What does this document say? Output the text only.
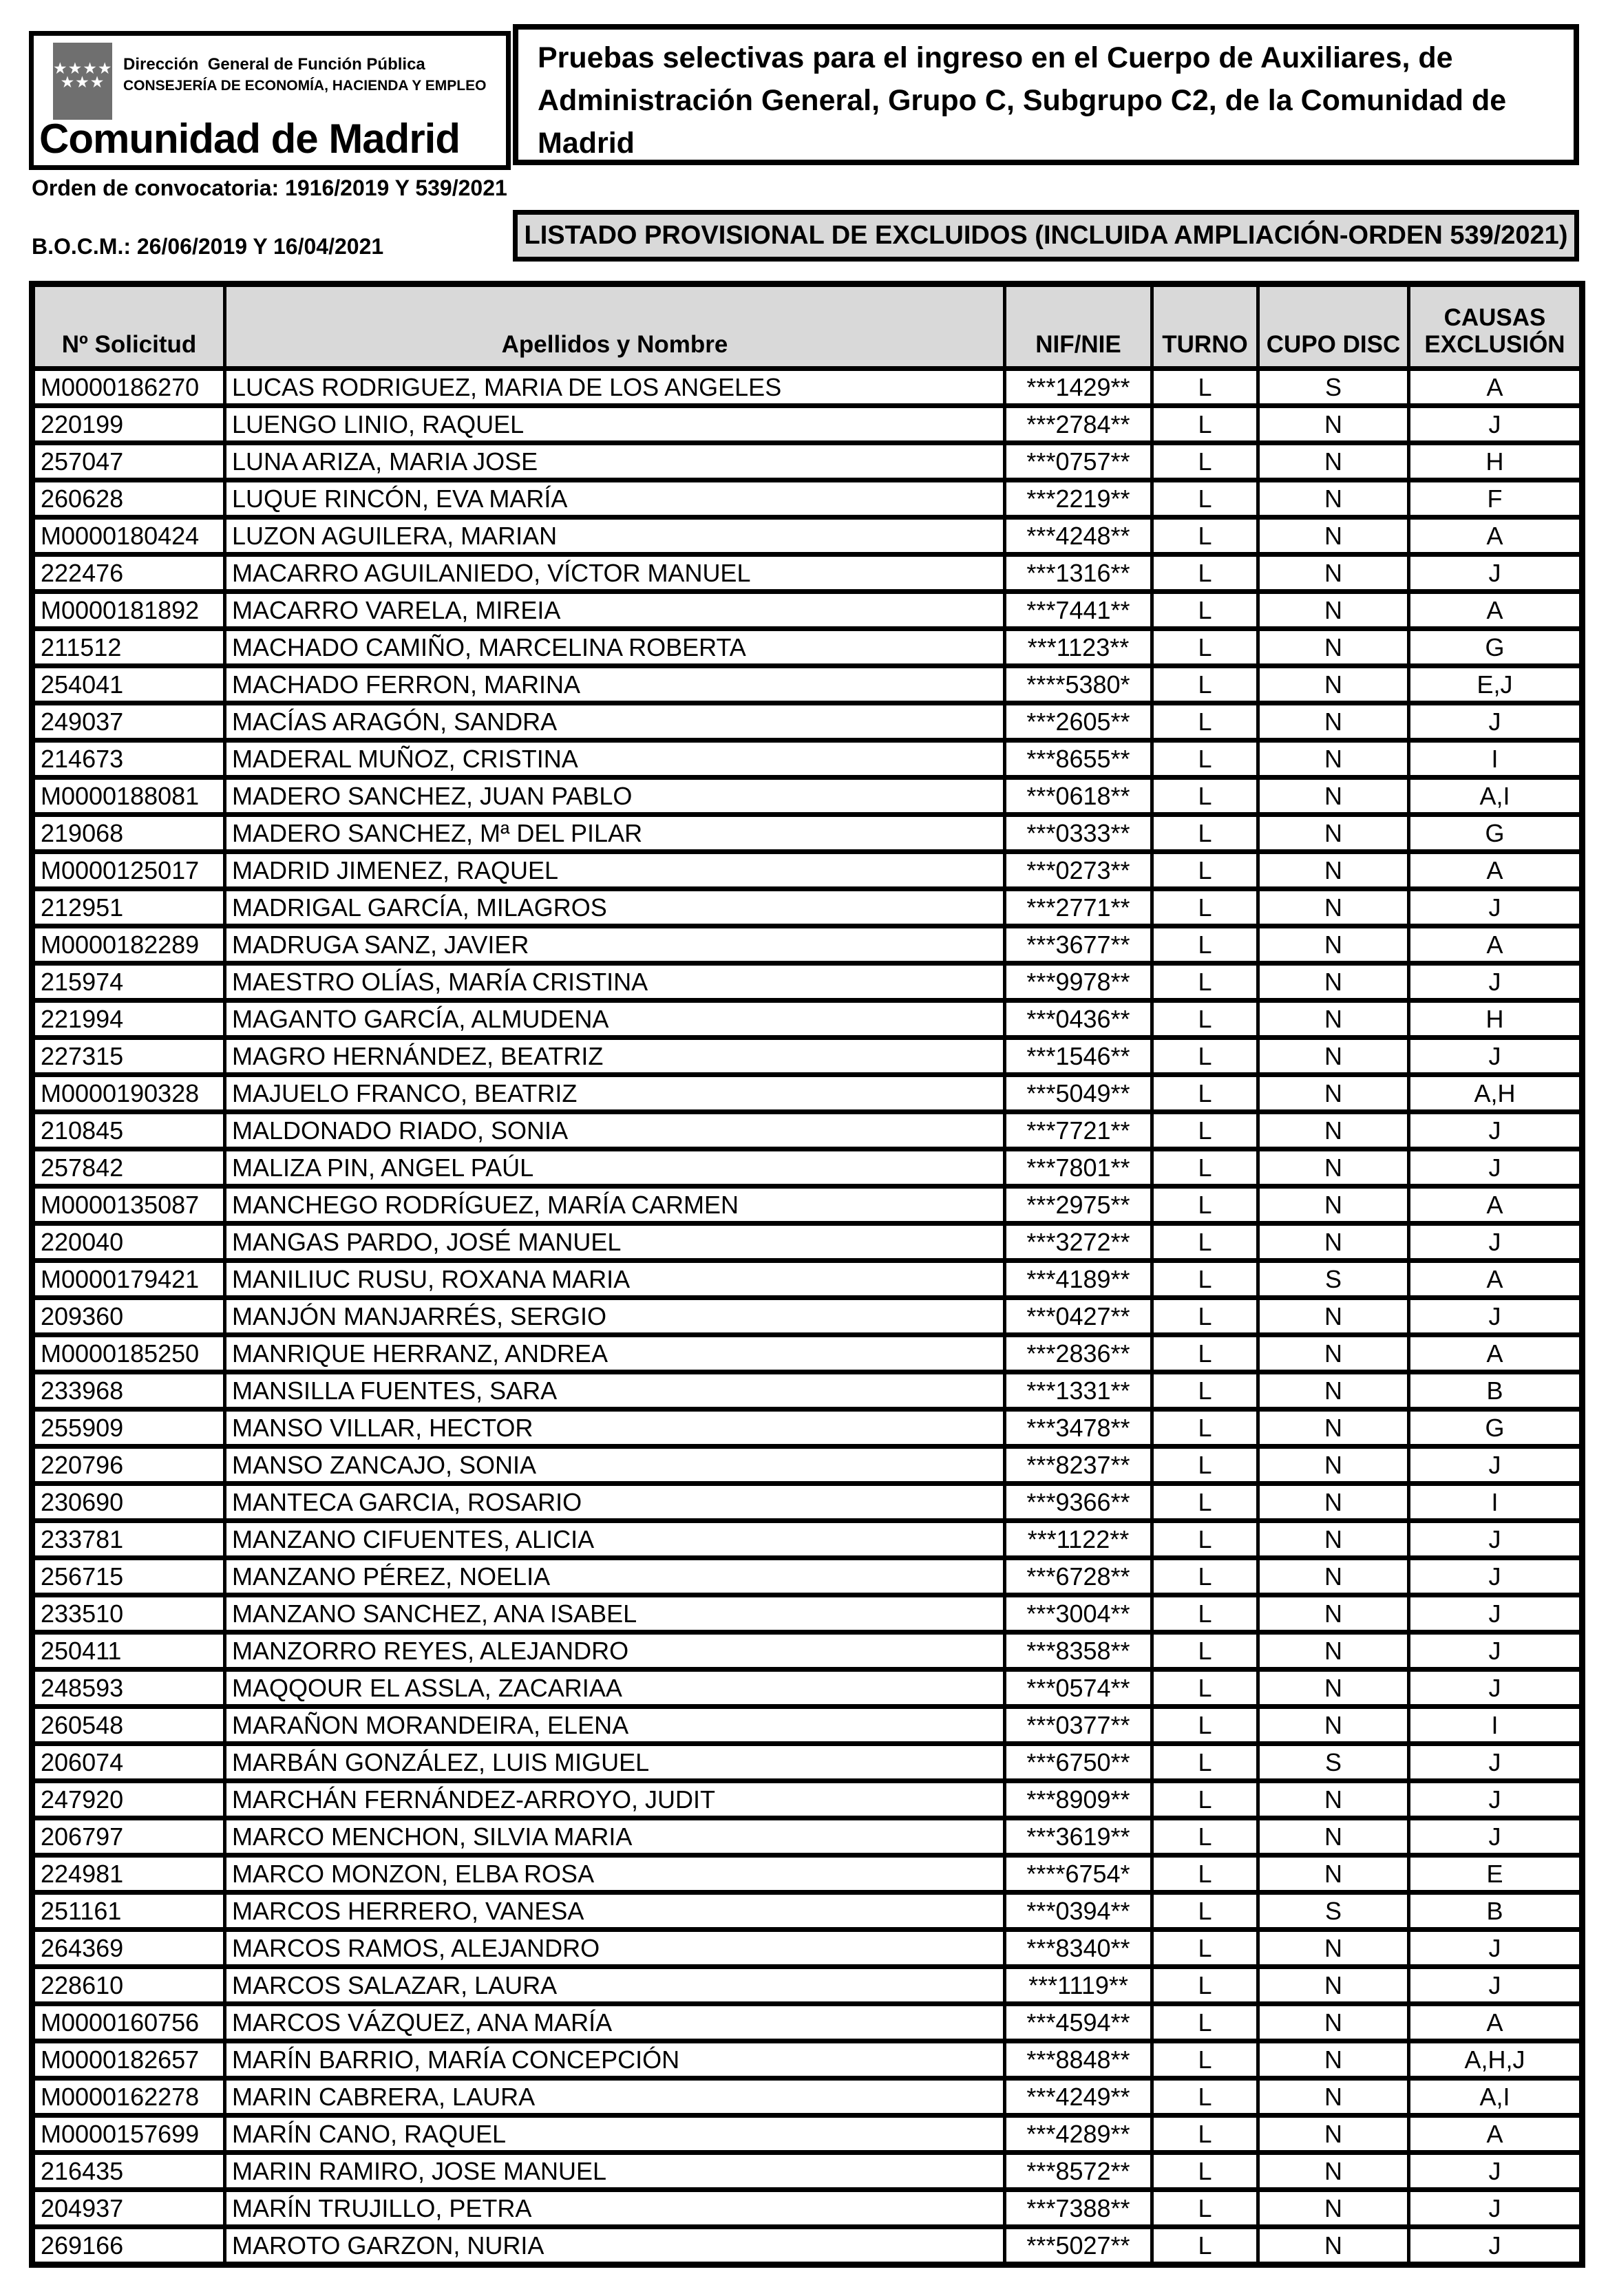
★★★★
★★★
Dirección  General de Función Pública
CONSEJERÍA DE ECONOMÍA, HACIENDA Y EMPLEO
Comunidad de Madrid
Pruebas selectivas para el ingreso en el Cuerpo de Auxiliares, de Administración General, Grupo C, Subgrupo C2, de la Comunidad de Madrid
Orden de convocatoria: 1916/2019 Y 539/2021
B.O.C.M.: 26/06/2019 Y 16/04/2021	LISTADO PROVISIONAL DE EXCLUIDOS (INCLUIDA AMPLIACIÓN-ORDEN 539/2021)
Nº Solicitud	Apellidos y Nombre	NIF/NIE	TURNO	CUPO DISC	CAUSAS EXCLUSIÓN
M0000186270	LUCAS RODRIGUEZ, MARIA DE LOS ANGELES	***1429**	L	S	A
220199	LUENGO LINIO, RAQUEL	***2784**	L	N	J
257047	LUNA ARIZA, MARIA JOSE	***0757**	L	N	H
260628	LUQUE RINCÓN, EVA MARÍA	***2219**	L	N	F
M0000180424	LUZON AGUILERA, MARIAN	***4248**	L	N	A
222476	MACARRO AGUILANIEDO, VÍCTOR MANUEL	***1316**	L	N	J
M0000181892	MACARRO VARELA, MIREIA	***7441**	L	N	A
211512	MACHADO CAMIÑO, MARCELINA ROBERTA	***1123**	L	N	G
254041	MACHADO FERRON, MARINA	****5380*	L	N	E,J
249037	MACÍAS ARAGÓN, SANDRA	***2605**	L	N	J
214673	MADERAL MUÑOZ, CRISTINA	***8655**	L	N	I
M0000188081	MADERO SANCHEZ, JUAN PABLO	***0618**	L	N	A,I
219068	MADERO SANCHEZ, Mª DEL PILAR	***0333**	L	N	G
M0000125017	MADRID JIMENEZ, RAQUEL	***0273**	L	N	A
212951	MADRIGAL GARCÍA, MILAGROS	***2771**	L	N	J
M0000182289	MADRUGA SANZ, JAVIER	***3677**	L	N	A
215974	MAESTRO OLÍAS, MARÍA CRISTINA	***9978**	L	N	J
221994	MAGANTO GARCÍA, ALMUDENA	***0436**	L	N	H
227315	MAGRO HERNÁNDEZ, BEATRIZ	***1546**	L	N	J
M0000190328	MAJUELO FRANCO, BEATRIZ	***5049**	L	N	A,H
210845	MALDONADO RIADO, SONIA	***7721**	L	N	J
257842	MALIZA PIN, ANGEL PAÚL	***7801**	L	N	J
M0000135087	MANCHEGO RODRÍGUEZ, MARÍA CARMEN	***2975**	L	N	A
220040	MANGAS PARDO, JOSÉ MANUEL	***3272**	L	N	J
M0000179421	MANILIUC RUSU, ROXANA MARIA	***4189**	L	S	A
209360	MANJÓN MANJARRÉS, SERGIO	***0427**	L	N	J
M0000185250	MANRIQUE HERRANZ, ANDREA	***2836**	L	N	A
233968	MANSILLA FUENTES, SARA	***1331**	L	N	B
255909	MANSO VILLAR, HECTOR	***3478**	L	N	G
220796	MANSO ZANCAJO, SONIA	***8237**	L	N	J
230690	MANTECA GARCIA, ROSARIO	***9366**	L	N	I
233781	MANZANO CIFUENTES, ALICIA	***1122**	L	N	J
256715	MANZANO PÉREZ, NOELIA	***6728**	L	N	J
233510	MANZANO SANCHEZ, ANA ISABEL	***3004**	L	N	J
250411	MANZORRO REYES, ALEJANDRO	***8358**	L	N	J
248593	MAQQOUR EL ASSLA, ZACARIAA	***0574**	L	N	J
260548	MARAÑON MORANDEIRA, ELENA	***0377**	L	N	I
206074	MARBÁN GONZÁLEZ, LUIS MIGUEL	***6750**	L	S	J
247920	MARCHÁN FERNÁNDEZ-ARROYO, JUDIT	***8909**	L	N	J
206797	MARCO MENCHON, SILVIA MARIA	***3619**	L	N	J
224981	MARCO MONZON, ELBA ROSA	****6754*	L	N	E
251161	MARCOS HERRERO, VANESA	***0394**	L	S	B
264369	MARCOS RAMOS, ALEJANDRO	***8340**	L	N	J
228610	MARCOS SALAZAR, LAURA	***1119**	L	N	J
M0000160756	MARCOS VÁZQUEZ, ANA MARÍA	***4594**	L	N	A
M0000182657	MARÍN BARRIO, MARÍA CONCEPCIÓN	***8848**	L	N	A,H,J
M0000162278	MARIN CABRERA, LAURA	***4249**	L	N	A,I
M0000157699	MARÍN CANO, RAQUEL	***4289**	L	N	A
216435	MARIN RAMIRO, JOSE MANUEL	***8572**	L	N	J
204937	MARÍN TRUJILLO, PETRA	***7388**	L	N	J
269166	MAROTO GARZON, NURIA	***5027**	L	N	J
